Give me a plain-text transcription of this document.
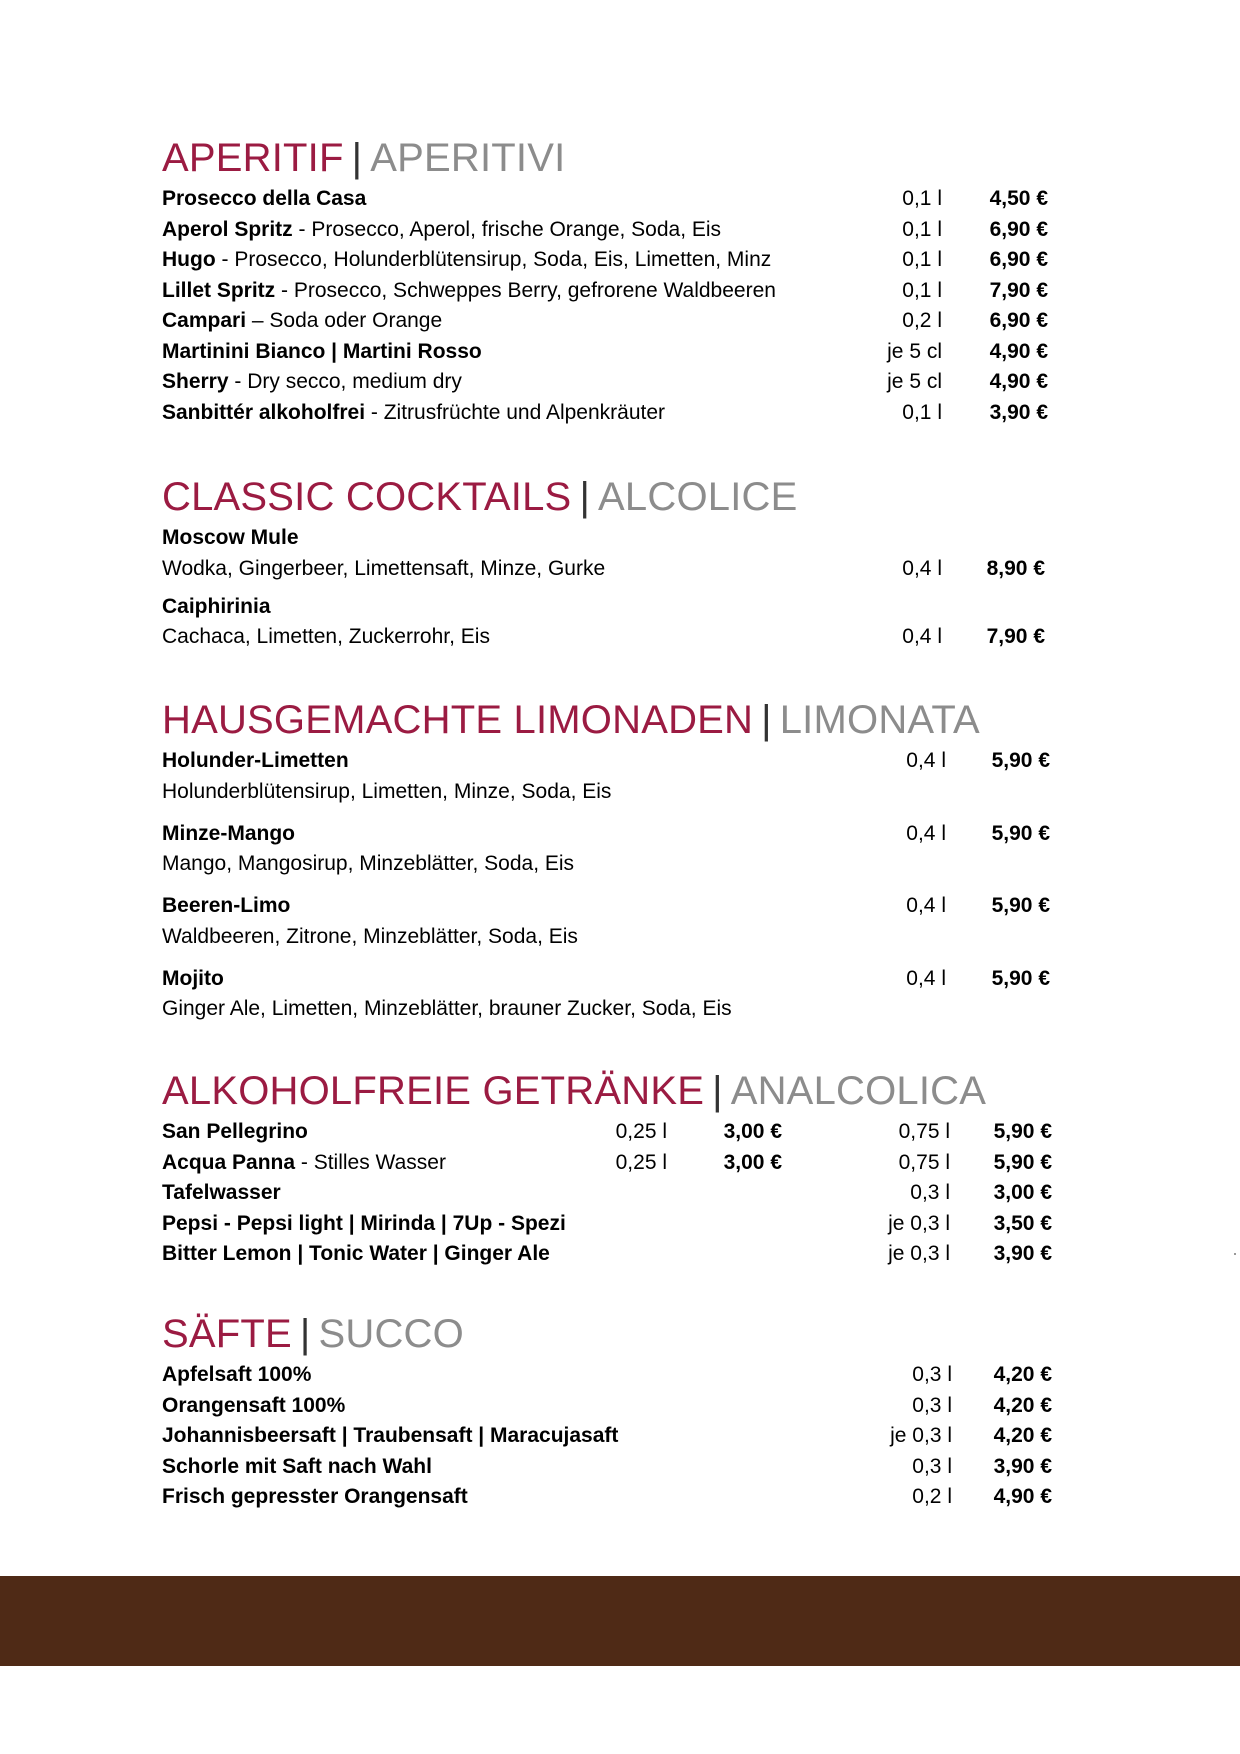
APERITIF | APERITIVI
Prosecco della Casa	0,1 l 4,50 €
Aperol Spritz - Prosecco, Aperol, frische Orange, Soda, Eis	0,1 l 6,90 €
Hugo - Prosecco, Holunderblütensirup, Soda, Eis, Limetten, Minz	0,1 l 6,90 €
Lillet Spritz - Prosecco, Schweppes Berry, gefrorene Waldbeeren	0,1 l 7,90 €
Campari – Soda oder Orange	0,2 l 6,90 €
Martinini Bianco | Martini Rosso	je 5 cl 4,90 €
Sherry - Dry secco, medium dry	je 5 cl 4,90 €
Sanbittér alkoholfrei - Zitrusfrüchte und Alpenkräuter	0,1 l 3,90 €
CLASSIC COCKTAILS | ALCOLICE
Moscow Mule
Wodka, Gingerbeer, Limettensaft, Minze, Gurke	0,4 l 8,90 €
Caiphirinia
Cachaca, Limetten, Zuckerrohr, Eis	0,4 l 7,90 €
HAUSGEMACHTE LIMONADEN | LIMONATA
Holunder-Limetten	0,4 l 5,90 €
Holunderblütensirup, Limetten, Minze, Soda, Eis
Minze-Mango	0,4 l 5,90 €
Mango, Mangosirup, Minzeblätter, Soda, Eis
Beeren-Limo	0,4 l 5,90 €
Waldbeeren, Zitrone, Minzeblätter, Soda, Eis
Mojito	0,4 l 5,90 €
Ginger Ale, Limetten, Minzeblätter, brauner Zucker, Soda, Eis
ALKOHOLFREIE GETRÄNKE | ANALCOLICA
San Pellegrino	0,25 l	3,00 €	0,75 l 5,90 €
Acqua Panna - Stilles Wasser	0,25 l	3,00 €	0,75 l 5,90 €
Tafelwasser	0,3 l 3,00 €
Pepsi - Pepsi light | Mirinda | 7Up - Spezi	je 0,3 l 3,50 €
Bitter Lemon | Tonic Water | Ginger Ale	je 0,3 l 3,90 €
SÄFTE | SUCCO
Apfelsaft 100%	0,3 l 4,20 €
Orangensaft 100%	0,3 l 4,20 €
Johannisbeersaft | Traubensaft | Maracujasaft	je 0,3 l 4,20 €
Schorle mit Saft nach Wahl	0,3 l 3,90 €
Frisch gepresster Orangensaft	0,2 l 4,90 €
